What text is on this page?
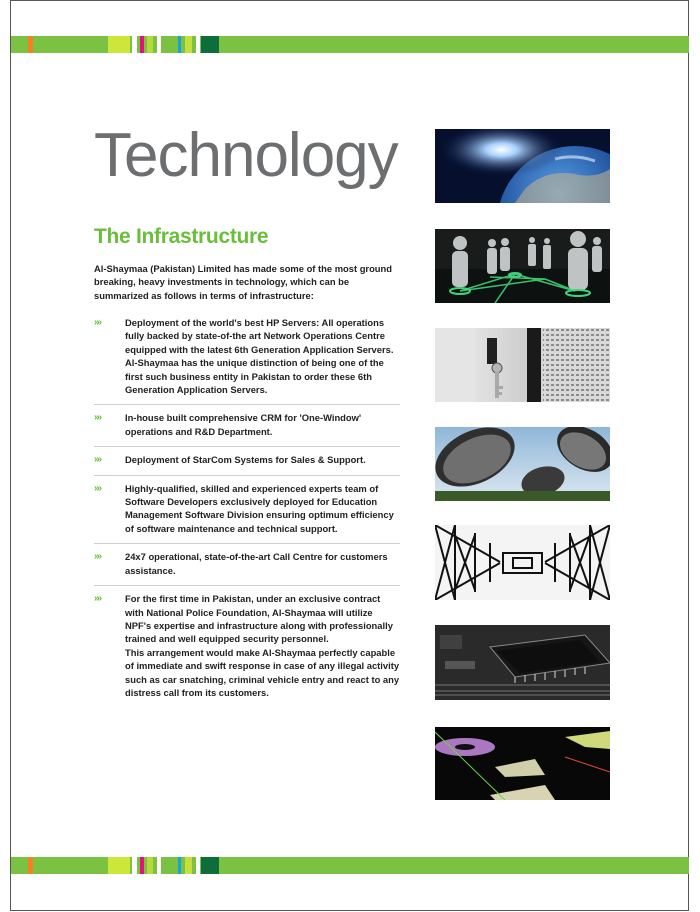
Technology
The Infrastructure

Al-Shaymaa (Pakistan) Limited has made some of the most ground breaking, heavy investments in technology, which can be summarized as follows in terms of infrastructure:

»»	Deployment of the world's best HP Servers: All operations fully backed by state-of-the art Network Operations Centre equipped with the latest 6th Generation Application Servers. Al-Shaymaa has the unique distinction of being one of the first such business entity in Pakistan to order these 6th Generation Application Servers.

»»	In-house built comprehensive CRM for 'One-Window' operations and R&D Department.

»»	Deployment of StarCom Systems for Sales & Support.

»»	Highly-qualified, skilled and experienced experts team of Software Developers exclusively deployed for Education Management Software Division ensuring optimum efficiency of software maintenance and technical support.

»»	24x7 operational, state-of-the-art Call Centre for customers assistance.

»»	For the first time in Pakistan, under an exclusive contract with National Police Foundation, Al-Shaymaa will utilize NPF's expertise and infrastructure along with professionally trained and well equipped security personnel.

This arrangement would make Al-Shaymaa perfectly capable of immediate and swift response in case of any illegal activity such as car snatching, criminal vehicle entry and react to any distress call from its customers.
